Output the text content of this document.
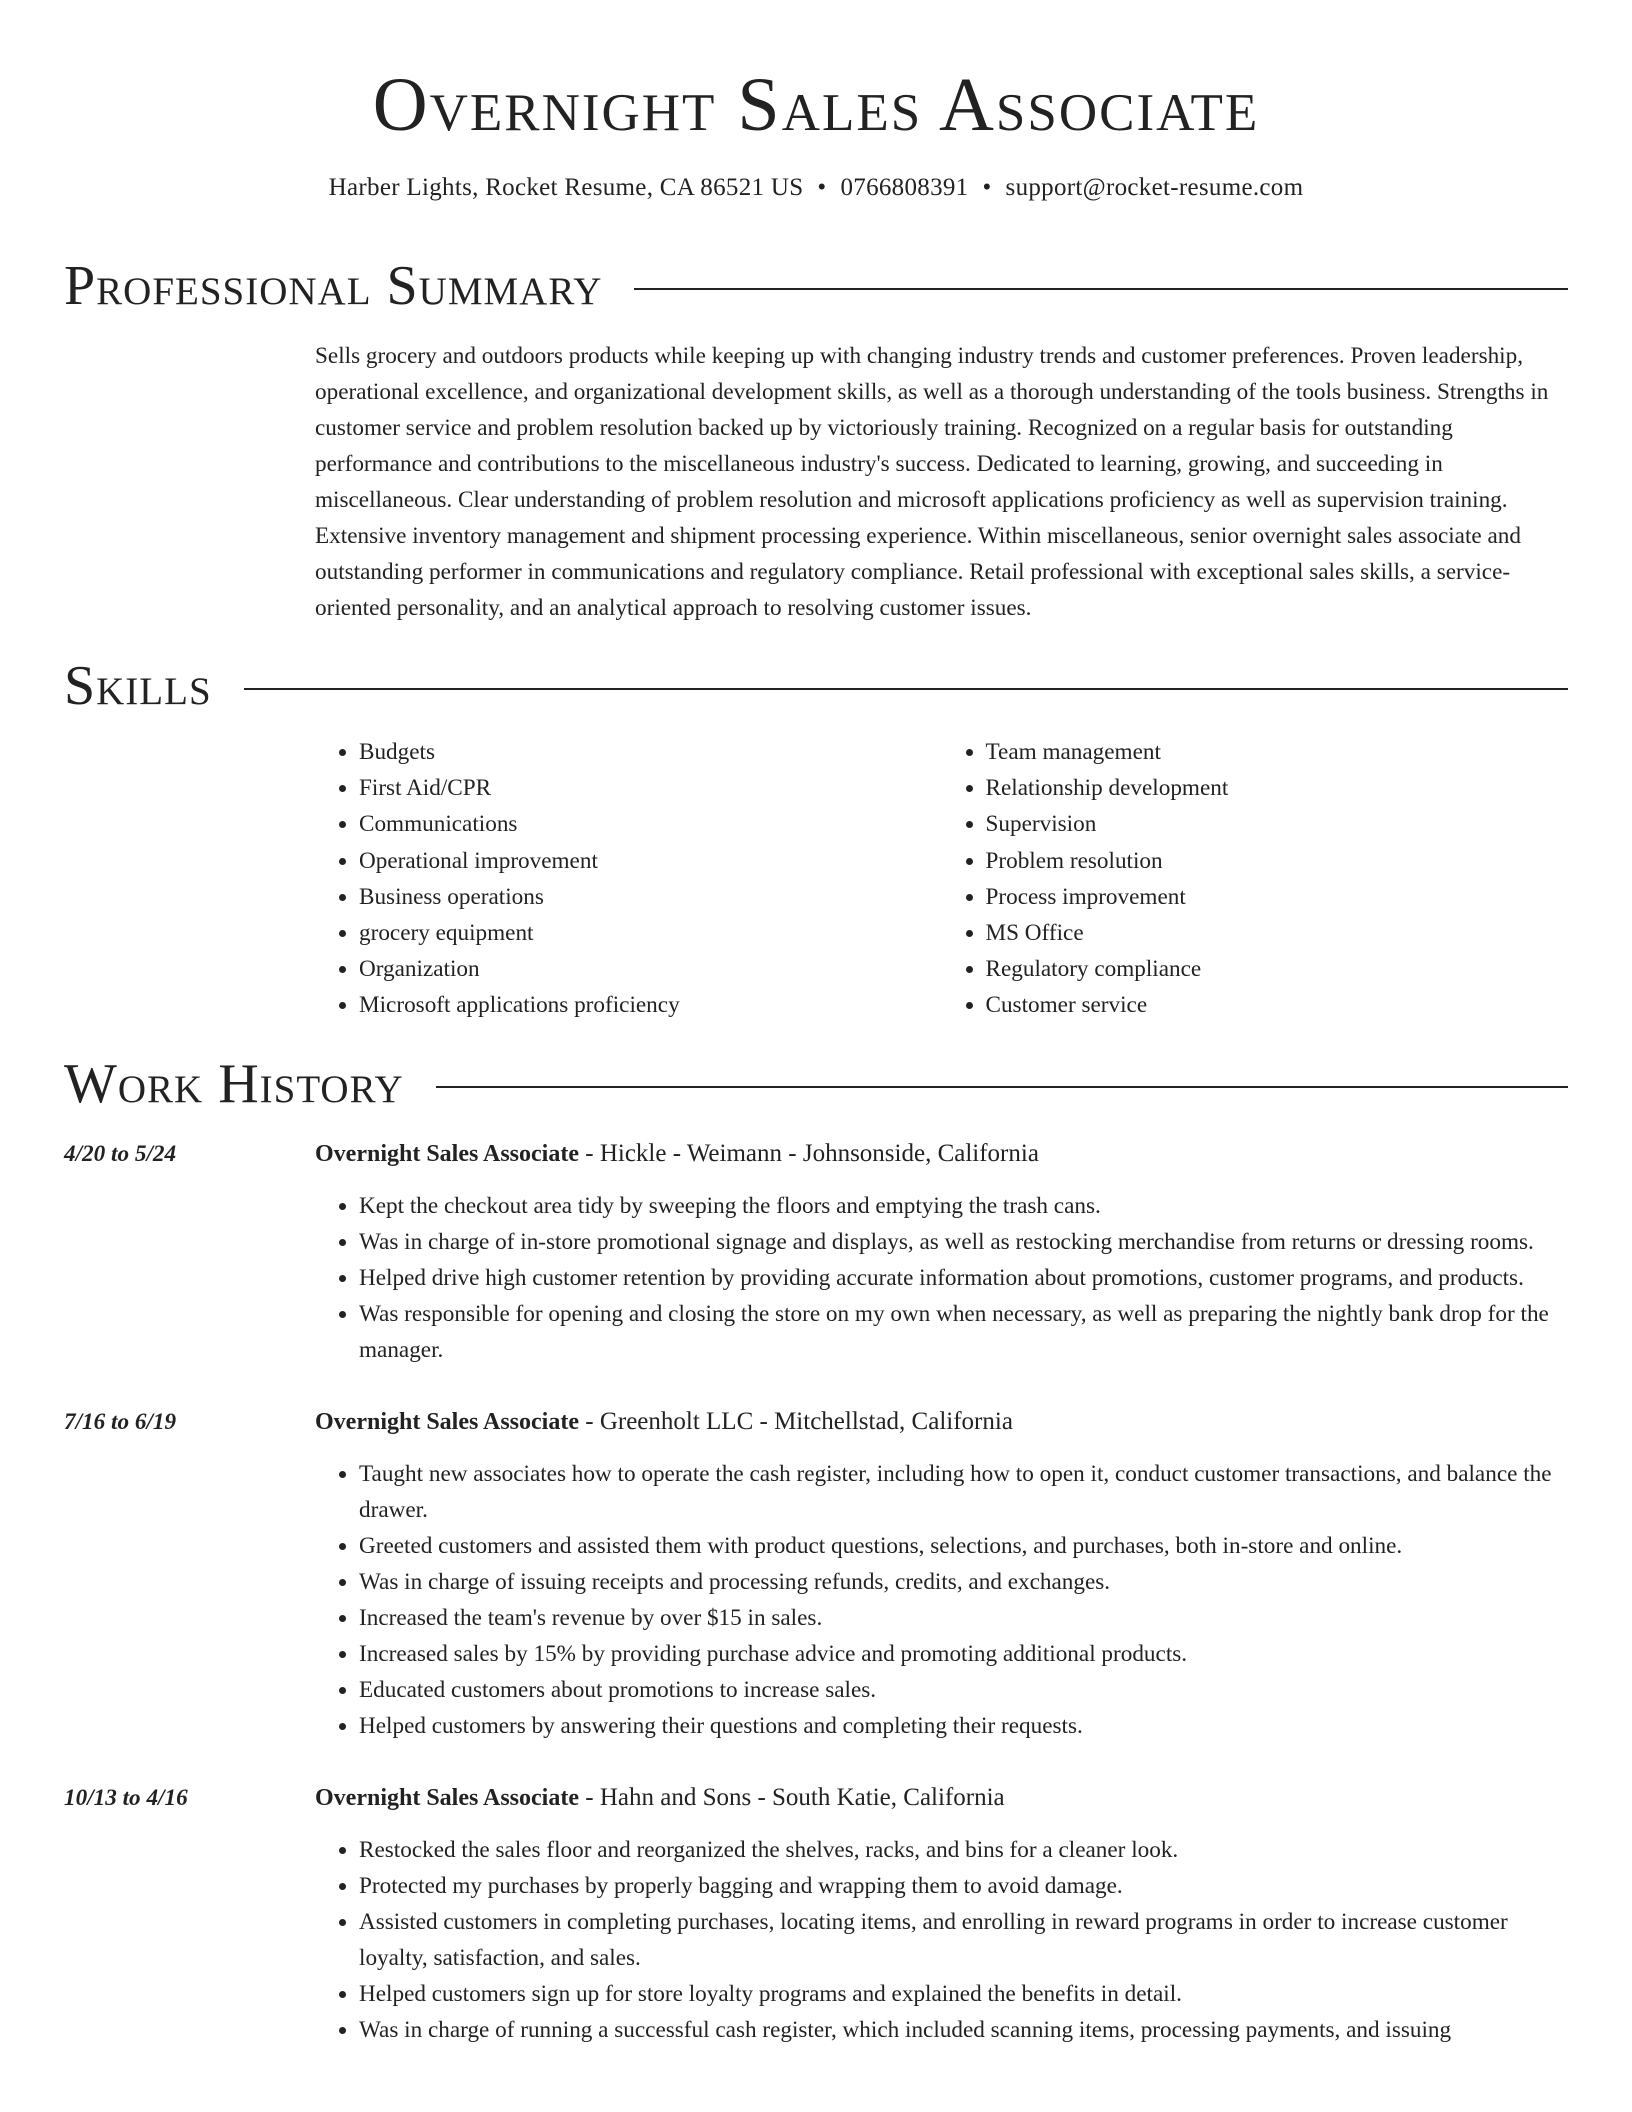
Overnight Sales Associate
Harber Lights, Rocket Resume, CA 86521 US • 0766808391 • support@rocket-resume.com
Professional Summary
Sells grocery and outdoors products while keeping up with changing industry trends and customer preferences. Proven leadership, operational excellence, and organizational development skills, as well as a thorough understanding of the tools business. Strengths in customer service and problem resolution backed up by victoriously training. Recognized on a regular basis for outstanding performance and contributions to the miscellaneous industry's success. Dedicated to learning, growing, and succeeding in miscellaneous. Clear understanding of problem resolution and microsoft applications proficiency as well as supervision training. Extensive inventory management and shipment processing experience. Within miscellaneous, senior overnight sales associate and outstanding performer in communications and regulatory compliance. Retail professional with exceptional sales skills, a service-oriented personality, and an analytical approach to resolving customer issues.
Skills
• Budgets
• First Aid/CPR
• Communications
• Operational improvement
• Business operations
• grocery equipment
• Organization
• Microsoft applications proficiency
• Team management
• Relationship development
• Supervision
• Problem resolution
• Process improvement
• MS Office
• Regulatory compliance
• Customer service
Work History
4/20 to 5/24	Overnight Sales Associate - Hickle - Weimann - Johnsonside, California
• Kept the checkout area tidy by sweeping the floors and emptying the trash cans.
• Was in charge of in-store promotional signage and displays, as well as restocking merchandise from returns or dressing rooms.
• Helped drive high customer retention by providing accurate information about promotions, customer programs, and products.
• Was responsible for opening and closing the store on my own when necessary, as well as preparing the nightly bank drop for the manager.
7/16 to 6/19	Overnight Sales Associate - Greenholt LLC - Mitchellstad, California
• Taught new associates how to operate the cash register, including how to open it, conduct customer transactions, and balance the drawer.
• Greeted customers and assisted them with product questions, selections, and purchases, both in-store and online.
• Was in charge of issuing receipts and processing refunds, credits, and exchanges.
• Increased the team's revenue by over $15 in sales.
• Increased sales by 15% by providing purchase advice and promoting additional products.
• Educated customers about promotions to increase sales.
• Helped customers by answering their questions and completing their requests.
10/13 to 4/16	Overnight Sales Associate - Hahn and Sons - South Katie, California
• Restocked the sales floor and reorganized the shelves, racks, and bins for a cleaner look.
• Protected my purchases by properly bagging and wrapping them to avoid damage.
• Assisted customers in completing purchases, locating items, and enrolling in reward programs in order to increase customer loyalty, satisfaction, and sales.
• Helped customers sign up for store loyalty programs and explained the benefits in detail.
• Was in charge of running a successful cash register, which included scanning items, processing payments, and issuing
